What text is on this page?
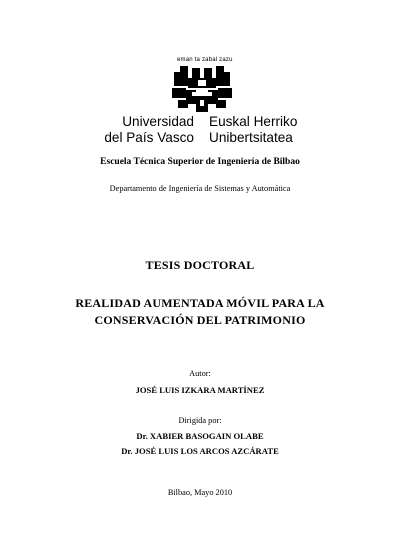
eman ta zabal zazu
Universidad
del País Vasco
Euskal Herriko
Unibertsitatea
Escuela Técnica Superior de Ingeniería de Bilbao
Departamento de Ingeniería de Sistemas y Automática
TESIS DOCTORAL
REALIDAD AUMENTADA MÓVIL PARA LA
CONSERVACIÓN DEL PATRIMONIO
Autor:
JOSÉ LUIS IZKARA MARTÍNEZ
Dirigida por:
Dr. XABIER BASOGAIN OLABE
Dr. JOSÉ LUIS LOS ARCOS AZCÁRATE
Bilbao, Mayo 2010
